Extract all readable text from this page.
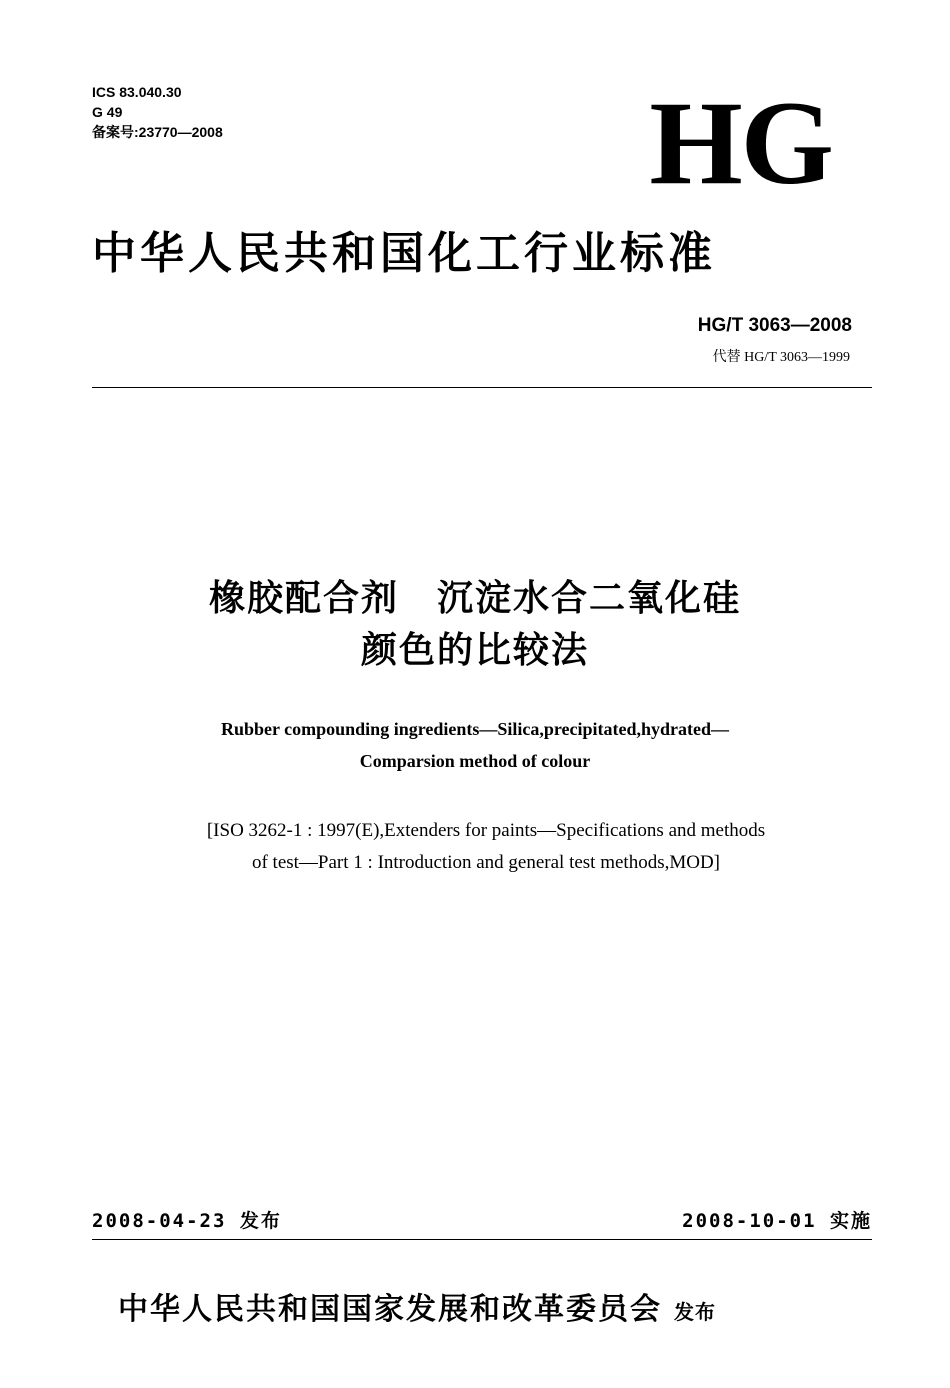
ICS 83.040.30
G 49
备案号:23770—2008	HG
中华人民共和国化工行业标准
HG/T 3063—2008
代替 HG/T 3063—1999
橡胶配合剂　沉淀水合二氧化硅
颜色的比较法
Rubber compounding ingredients—Silica,precipitated,hydrated—
Comparsion method of colour
[ISO 3262-1 : 1997(E),Extenders for paints—Specifications and methods
of test—Part 1 : Introduction and general test methods,MOD]
2008-04-23 发布	2008-10-01 实施
中华人民共和国国家发展和改革委员会 发布
